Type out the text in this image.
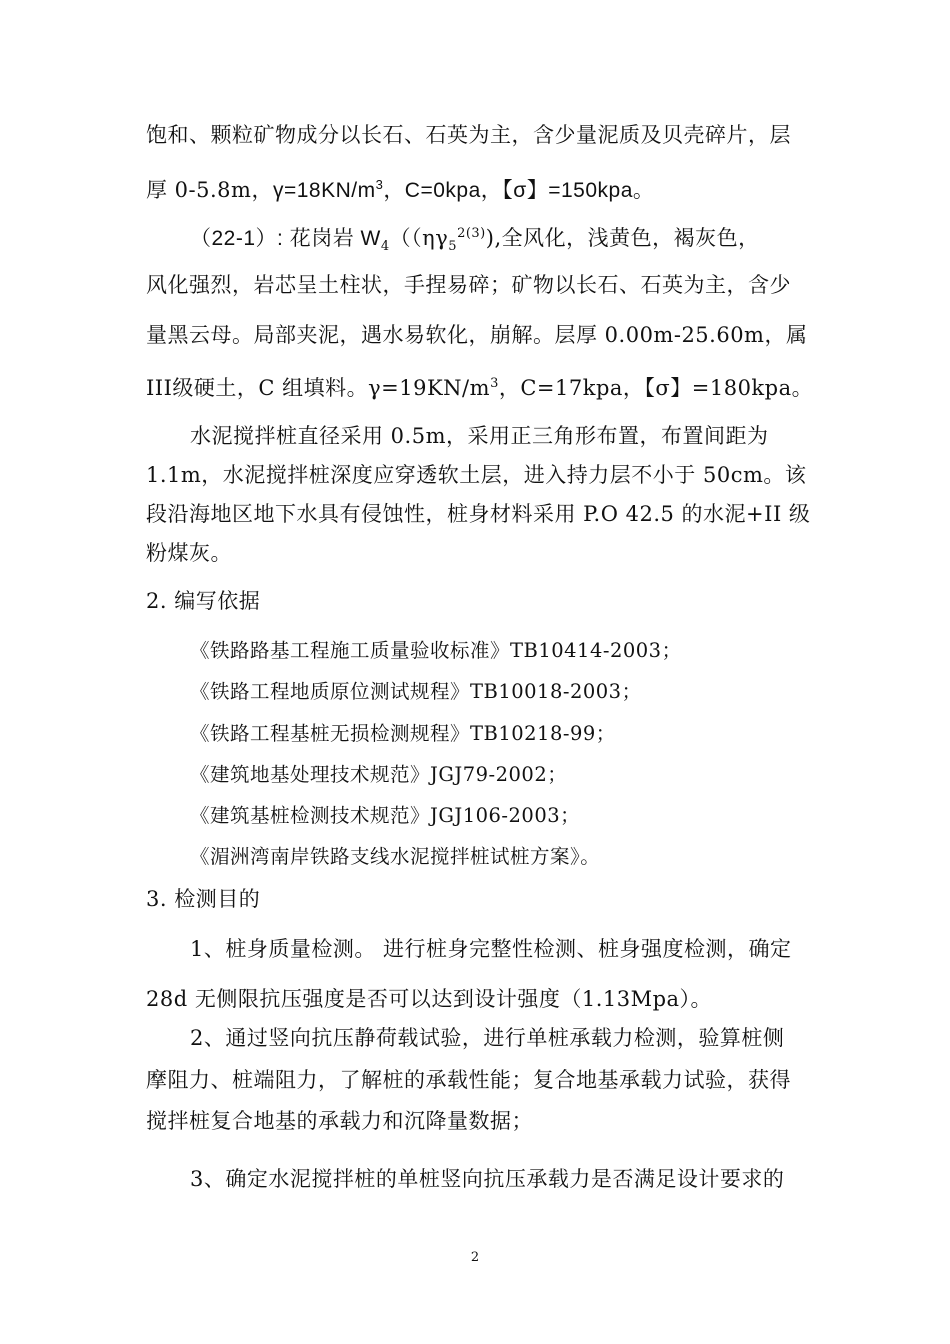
饱和、颗粒矿物成分以长石、石英为主，含少量泥质及贝壳碎片，层
厚 0-5.8m，$\gamma=18KN/m^3$，C=0kpa，【σ】=150kpa。
（22-1）: 花岗岩 $W_4((\eta\gamma_5^{2(3)})$,全风化，浅黄色，褐灰色，
风化强烈，岩芯呈土柱状，手捏易碎；矿物以长石、石英为主，含少
量黑云母。局部夹泥，遇水易软化，崩解。层厚 0.00m-25.60m，属
III级硬土，C 组填料。$\gamma=19KN/m^3$，C=17kpa，【σ】=180kpa。
水泥搅拌桩直径采用 0.5m，采用正三角形布置，布置间距为
1.1m，水泥搅拌桩深度应穿透软土层，进入持力层不小于 50cm。该
段沿海地区地下水具有侵蚀性，桩身材料采用 P.O 42.5 的水泥+II 级
粉煤灰。
2. 编写依据
《铁路路基工程施工质量验收标准》TB10414-2003；
《铁路工程地质原位测试规程》TB10018-2003；
《铁路工程基桩无损检测规程》TB10218-99；
《建筑地基处理技术规范》JGJ79-2002；
《建筑基桩检测技术规范》JGJ106-2003；
《湄洲湾南岸铁路支线水泥搅拌桩试桩方案》。
3. 检测目的
1、桩身质量检测。 进行桩身完整性检测、桩身强度检测，确定
28d 无侧限抗压强度是否可以达到设计强度（1.13Mpa）。
2、通过竖向抗压静荷载试验，进行单桩承载力检测，验算桩侧
摩阻力、桩端阻力，了解桩的承载性能；复合地基承载力试验，获得
搅拌桩复合地基的承载力和沉降量数据；
3、确定水泥搅拌桩的单桩竖向抗压承载力是否满足设计要求的
2
